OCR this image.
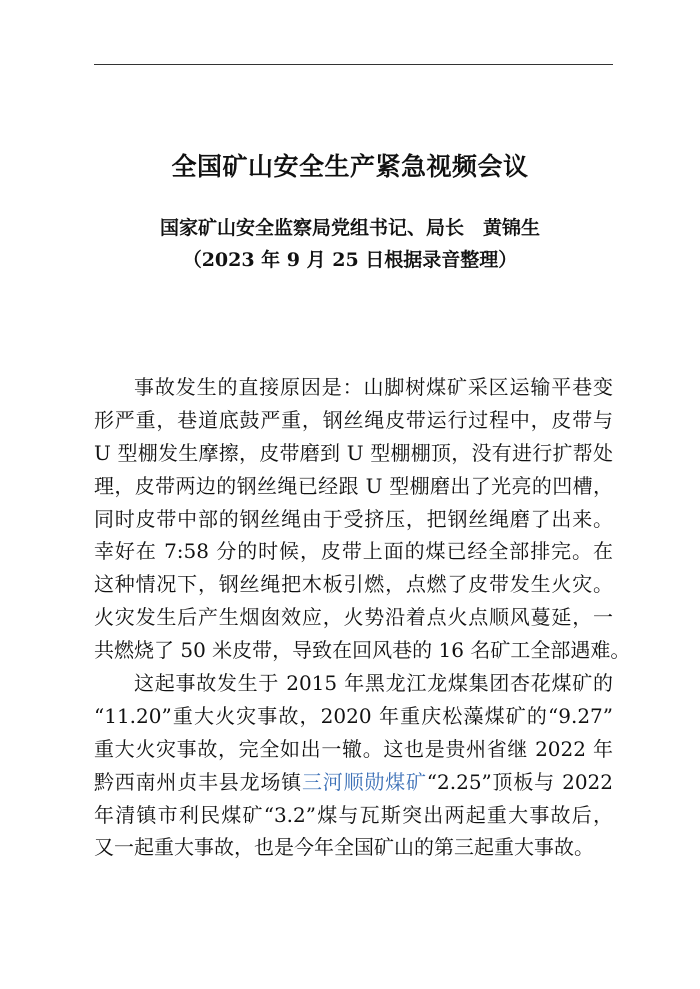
全国矿山安全生产紧急视频会议
国家矿山安全监察局党组书记、局长　黄锦生
（2023 年 9 月 25 日根据录音整理）
事故发生的直接原因是：山脚树煤矿采区运输平巷变
形严重，巷道底鼓严重，钢丝绳皮带运行过程中，皮带与
U 型棚发生摩擦，皮带磨到 U 型棚棚顶，没有进行扩帮处
理，皮带两边的钢丝绳已经跟 U 型棚磨出了光亮的凹槽，
同时皮带中部的钢丝绳由于受挤压，把钢丝绳磨了出来。
幸好在 7:58 分的时候，皮带上面的煤已经全部排完。在
这种情况下，钢丝绳把木板引燃，点燃了皮带发生火灾。
火灾发生后产生烟囱效应，火势沿着点火点顺风蔓延，一
共燃烧了 50 米皮带，导致在回风巷的 16 名矿工全部遇难。
这起事故发生于 2015 年黑龙江龙煤集团杏花煤矿的
“11.20”重大火灾事故，2020 年重庆松藻煤矿的“9.27”
重大火灾事故，完全如出一辙。这也是贵州省继 2022 年
黔西南州贞丰县龙场镇三河顺勋煤矿“2.25”顶板与 2022
年清镇市利民煤矿“3.2”煤与瓦斯突出两起重大事故后，
又一起重大事故，也是今年全国矿山的第三起重大事故。
